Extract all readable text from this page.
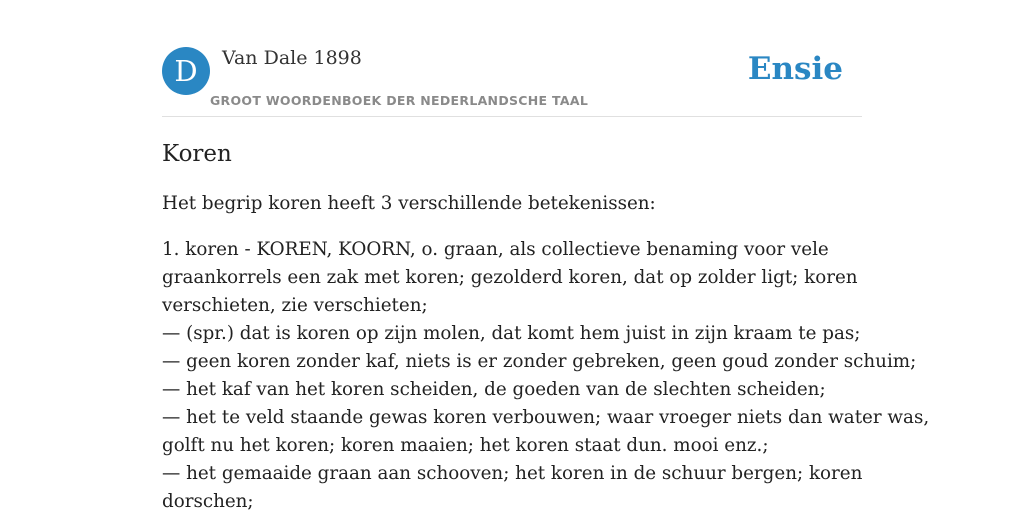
D	Van Dale 1898
GROOT WOORDENBOEK DER NEDERLANDSCHE TAAL
Ensie
Koren

Het begrip koren heeft 3 verschillende betekenissen:

1. koren - KOREN, KOORN, o. graan, als collectieve benaming voor vele
graankorrels een zak met koren; gezolderd koren, dat op zolder ligt; koren
verschieten, zie verschieten;
— (spr.) dat is koren op zijn molen, dat komt hem juist in zijn kraam te pas;
— geen koren zonder kaf, niets is er zonder gebreken, geen goud zonder schuim;
— het kaf van het koren scheiden, de goeden van de slechten scheiden;
— het te veld staande gewas koren verbouwen; waar vroeger niets dan water was,
golft nu het koren; koren maaien; het koren staat dun. mooi enz.;
— het gemaaide graan aan schooven; het koren in de schuur bergen; koren
dorschen;
